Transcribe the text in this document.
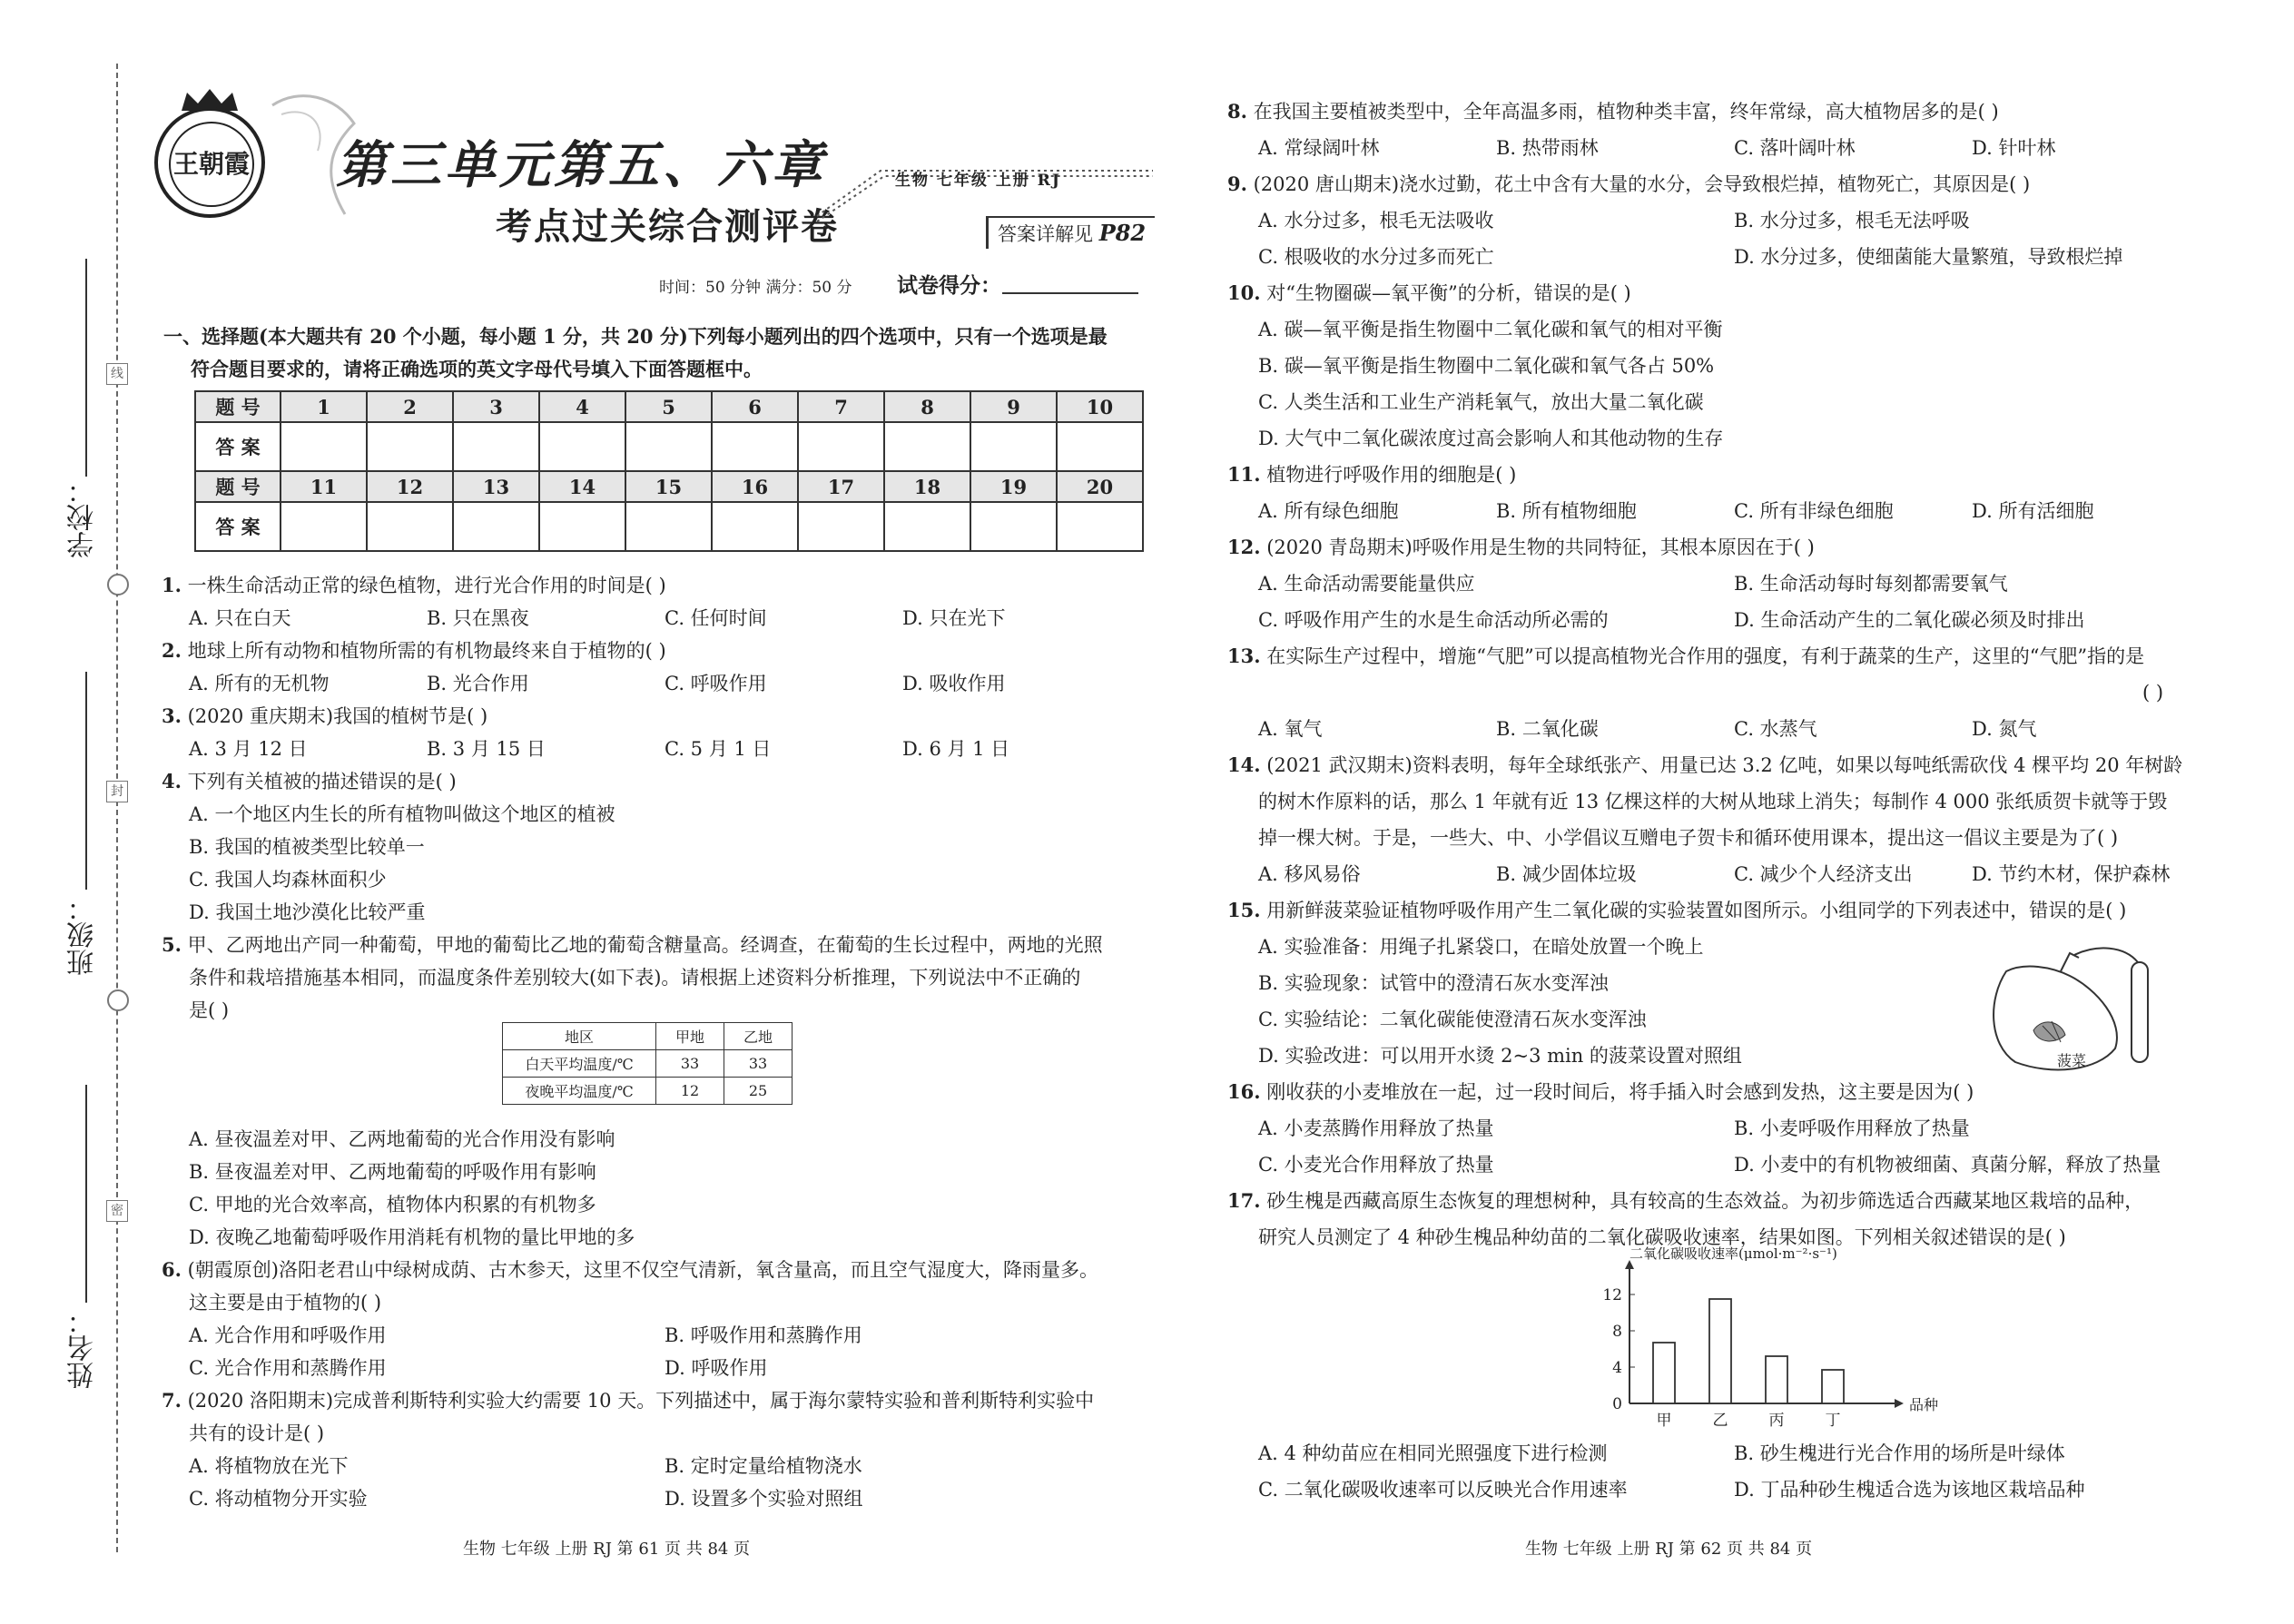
线
封
密
学校：
班级：
姓名：
王朝霞 第三单元第五、六章
考点过关综合测评卷
生物 七年级 上册 RJ
答案详解见 P82
时间：50 分钟 满分：50 分 试卷得分：
一、选择题(本大题共有 20 个小题，每小题 1 分，共 20 分)下列每小题列出的四个选项中，只有一个选项是最
符合题目要求的，请将正确选项的英文字母代号填入下面答题框中。
题 号	1	2	3	4	5	6	7	8	9	10
答 案										
题 号	11	12	13	14	15	16	17	18	19	20
答 案										
1. 一株生命活动正常的绿色植物，进行光合作用的时间是( )
A. 只在白天	B. 只在黑夜	C. 任何时间	D. 只在光下
2. 地球上所有动物和植物所需的有机物最终来自于植物的( )
A. 所有的无机物	B. 光合作用	C. 呼吸作用	D. 吸收作用
3. (2020 重庆期末)我国的植树节是( )
A. 3 月 12 日	B. 3 月 15 日	C. 5 月 1 日	D. 6 月 1 日
4. 下列有关植被的描述错误的是( )
A. 一个地区内生长的所有植物叫做这个地区的植被
B. 我国的植被类型比较单一
C. 我国人均森林面积少
D. 我国土地沙漠化比较严重
5. 甲、乙两地出产同一种葡萄，甲地的葡萄比乙地的葡萄含糖量高。经调查，在葡萄的生长过程中，两地的光照
条件和栽培措施基本相同，而温度条件差别较大(如下表)。请根据上述资料分析推理，下列说法中不正确的
是( )
A. 昼夜温差对甲、乙两地葡萄的光合作用没有影响
B. 昼夜温差对甲、乙两地葡萄的呼吸作用有影响
C. 甲地的光合效率高，植物体内积累的有机物多
D. 夜晚乙地葡萄呼吸作用消耗有机物的量比甲地的多
6. (朝霞原创)洛阳老君山中绿树成荫、古木参天，这里不仅空气清新，氧含量高，而且空气湿度大，降雨量多。
这主要是由于植物的( )
A. 光合作用和呼吸作用	B. 呼吸作用和蒸腾作用
C. 光合作用和蒸腾作用	D. 呼吸作用
7. (2020 洛阳期末)完成普利斯特利实验大约需要 10 天。下列描述中，属于海尔蒙特实验和普利斯特利实验中
共有的设计是( )
A. 将植物放在光下	B. 定时定量给植物浇水
C. 将动植物分开实验	D. 设置多个实验对照组
8. 在我国主要植被类型中，全年高温多雨，植物种类丰富，终年常绿，高大植物居多的是( )
A. 常绿阔叶林	B. 热带雨林	C. 落叶阔叶林	D. 针叶林
9. (2020 唐山期末)浇水过勤，花土中含有大量的水分，会导致根烂掉，植物死亡，其原因是( )
A. 水分过多，根毛无法吸收	B. 水分过多，根毛无法呼吸
C. 根吸收的水分过多而死亡	D. 水分过多，使细菌能大量繁殖，导致根烂掉
10. 对“生物圈碳—氧平衡”的分析，错误的是( )
A. 碳—氧平衡是指生物圈中二氧化碳和氧气的相对平衡
B. 碳—氧平衡是指生物圈中二氧化碳和氧气各占 50%
C. 人类生活和工业生产消耗氧气，放出大量二氧化碳
D. 大气中二氧化碳浓度过高会影响人和其他动物的生存
11. 植物进行呼吸作用的细胞是( )
A. 所有绿色细胞	B. 所有植物细胞	C. 所有非绿色细胞	D. 所有活细胞
12. (2020 青岛期末)呼吸作用是生物的共同特征，其根本原因在于( )
A. 生命活动需要能量供应	B. 生命活动每时每刻都需要氧气
C. 呼吸作用产生的水是生命活动所必需的	D. 生命活动产生的二氧化碳必须及时排出
13. 在实际生产过程中，增施“气肥”可以提高植物光合作用的强度，有利于蔬菜的生产，这里的“气肥”指的是
( )
A. 氧气	B. 二氧化碳	C. 水蒸气	D. 氮气
14. (2021 武汉期末)资料表明，每年全球纸张产、用量已达 3.2 亿吨，如果以每吨纸需砍伐 4 棵平均 20 年树龄
的树木作原料的话，那么 1 年就有近 13 亿棵这样的大树从地球上消失；每制作 4 000 张纸质贺卡就等于毁
掉一棵大树。于是，一些大、中、小学倡议互赠电子贺卡和循环使用课本，提出这一倡议主要是为了( )
A. 移风易俗	B. 减少固体垃圾	C. 减少个人经济支出	D. 节约木材，保护森林
15. 用新鲜菠菜验证植物呼吸作用产生二氧化碳的实验装置如图所示。小组同学的下列表述中，错误的是( )
A. 实验准备：用绳子扎紧袋口，在暗处放置一个晚上
B. 实验现象：试管中的澄清石灰水变浑浊
C. 实验结论：二氧化碳能使澄清石灰水变浑浊
D. 实验改进：可以用开水烫 2~3 min 的菠菜设置对照组
16. 刚收获的小麦堆放在一起，过一段时间后，将手插入时会感到发热，这主要是因为( )
A. 小麦蒸腾作用释放了热量	B. 小麦呼吸作用释放了热量
C. 小麦光合作用释放了热量	D. 小麦中的有机物被细菌、真菌分解，释放了热量
17. 砂生槐是西藏高原生态恢复的理想树种，具有较高的生态效益。为初步筛选适合西藏某地区栽培的品种，
研究人员测定了 4 种砂生槐品种幼苗的二氧化碳吸收速率，结果如图。下列相关叙述错误的是( )
A. 4 种幼苗应在相同光照强度下进行检测	B. 砂生槐进行光合作用的场所是叶绿体
C. 二氧化碳吸收速率可以反映光合作用速率	D. 丁品种砂生槐适合选为该地区栽培品种
地区	甲地	乙地
白天平均温度/℃	33	33
夜晚平均温度/℃	12	25
菠菜
0
4
8
12
甲	乙	丙	丁
二氧化碳吸收速率(μmol·m⁻²·s⁻¹)
品种
生物 七年级 上册 RJ 第 61 页 共 84 页	生物 七年级 上册 RJ 第 62 页 共 84 页
